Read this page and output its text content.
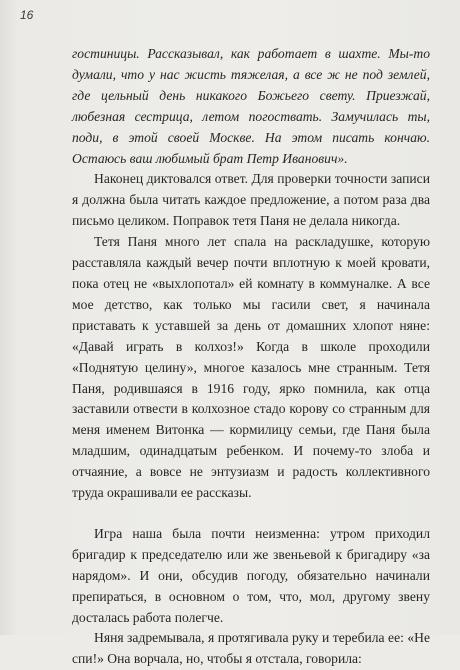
16

гостиницы. Рассказывал, как работает в шахте. Мы-то думали, что у нас жисть тяжелая, а все ж не под землей, где цельный день никакого Божьего свету. Приезжай, любезная сестрица, летом погоствать. Замучилась ты, поди, в этой своей Москве. На этом писать кончаю. Остаюсь ваш любимый брат Петр Иванович».

Наконец диктовался ответ. Для проверки точности записи я должна была читать каждое предложение, а потом раза два письмо целиком. Поправок тетя Паня не делала никогда.

Тетя Паня много лет спала на раскладушке, которую расставляла каждый вечер почти вплотную к моей кровати, пока отец не «выхлопотал» ей комнату в коммуналке. А все мое детство, как только мы гасили свет, я начинала приставать к уставшей за день от домашних хлопот няне: «Давай играть в колхоз!» Когда в школе проходили «Поднятую целину», многое казалось мне странным. Тетя Паня, родившаяся в 1916 году, ярко помнила, как отца заставили отвести в колхозное стадо корову со странным для меня именем Витонка — кормилицу семьи, где Паня была младшим, одинадцатым ребенком. И почему-то злоба и отчаяние, а вовсе не энтузиазм и радость коллективного труда окрашивали ее рассказы.

Игра наша была почти неизменна: утром приходил бригадир к председателю или же звеньевой к бригадиру «за нарядом». И они, обсудив погоду, обязательно начинали препираться, в основном о том, что, мол, другому звену досталась работа полегче.

Няня задремывала, я протягивала руку и теребила ее: «Не спи!» Она ворчала, но, чтобы я отстала, говорила:
